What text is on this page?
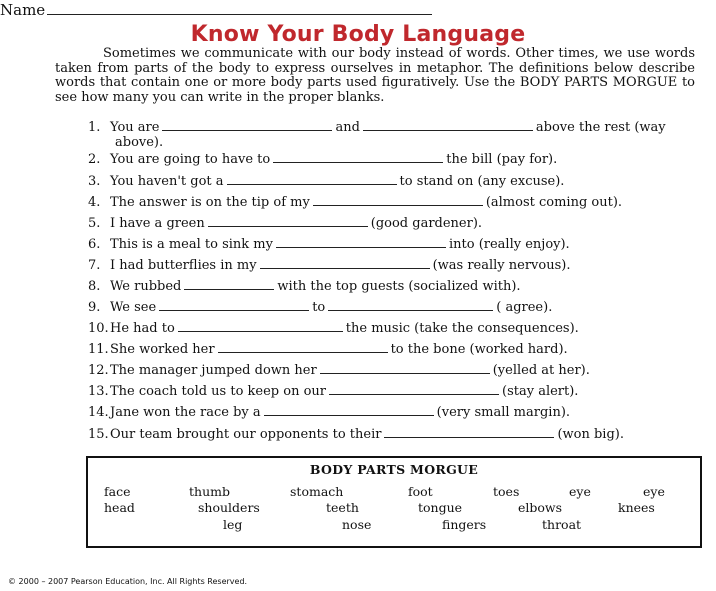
Name
Know Your Body Language
Sometimes we communicate with our body instead of words. Other times, we use words taken from parts of the body to express ourselves in metaphor. The definitions below describe words that contain one or more body parts used figuratively. Use the BODY PARTS MORGUE to see how many you can write in the proper blanks.
1. You are	and	above the rest (way
above).
2. You are going to have to	the bill (pay for).
3. You haven't got a	to stand on (any excuse).
4. The answer is on the tip of my	(almost coming out).
5. I have a green	(good gardener).
6. This is a meal to sink my	into (really enjoy).
7. I had butterflies in my	(was really nervous).
8. We rubbed	with the top guests (socialized with).
9. We see	to	( agree).
10.He had to	the music (take the consequences).
11.She worked her	to the bone (worked hard).
12.The manager jumped down her	(yelled at her).
13.The coach told us to keep on our	(stay alert).
14.Jane won the race by a	(very small margin).
15.Our team brought our opponents to their	(won big).
BODY PARTS MORGUE
face	thumb	stomach	foot	toes	eye	eye
head	shoulders	teeth	tongue	elbows	knees
leg	nose	fingers	throat
© 2000 – 2007 Pearson Education, Inc. All Rights Reserved.
